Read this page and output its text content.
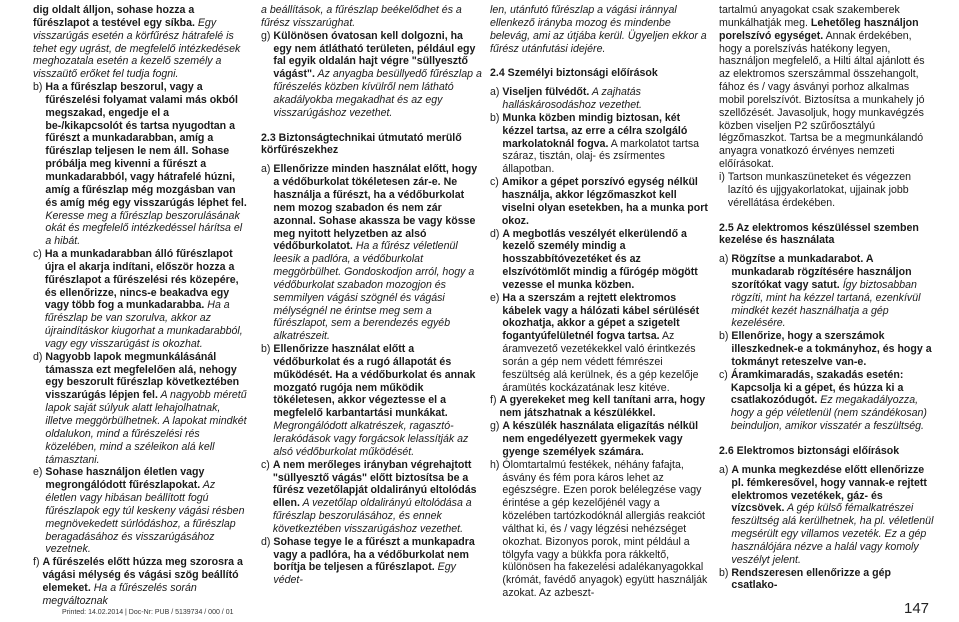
dig oldalt álljon, sohase hozza a fűrészlapot a testével egy síkba. Egy visszarúgás esetén a körfűrész hátrafelé is tehet egy ugrást, de megfelelő intézkedések meghozatala esetén a kezelő személy a visszaütő erőket fel tudja fogni.

b) Ha a fűrészlap beszorul, vagy a fűrészelési folyamat valami más okból megszakad, engedje el a be-/kikapcsolót és tartsa nyugodtan a fűrészt a munkadarabban, amíg a fűrészlap teljesen le nem áll. Sohase próbálja meg kivenni a fűrészt a munkadarabból, vagy hátrafelé húzni, amíg a fűrészlap még mozgásban van és amíg még egy visszarúgás léphet fel. Keresse meg a fűrészlap beszorulásának okát és megfelelő intézkedéssel hárítsa el a hibát.
c) Ha a munkadarabban álló fűrészlapot újra el akarja indítani, először hozza a fűrészlapot a fűrészelési rés közepére, és ellenőrizze, nincs-e beakadva egy vagy több fog a munkadarabba. Ha a fűrészlap be van szorulva, akkor az újraindításkor kiugorhat a munkadarabból, vagy egy visszarúgást is okozhat.
d) Nagyobb lapok megmunkálásánál támassza ezt megfelelően alá, nehogy egy beszorult fűrészlap következtében visszarúgás lépjen fel. A nagyobb méretű lapok saját súlyuk alatt lehajolhatnak, illetve meggörbülhetnek. A lapokat mindkét oldalukon, mind a fűrészelési rés közelében, mind a széleikon alá kell támasztani.
e) Sohase használjon életlen vagy megrongálódott fűrészlapokat. Az életlen vagy hibásan beállított fogú fűrészlapok egy túl keskeny vágási résben megnövekedett súrlódáshoz, a fűrészlap beragadásához és visszarúgásához vezetnek.
f) A fűrészelés előtt húzza meg szorosra a vágási mélység és vágási szög beállító elemeket. Ha a fűrészelés során megváltoznak

a beállítások, a fűrészlap beékelődhet és a fűrész visszarúghat.

g) Különösen óvatosan kell dolgozni, ha egy nem átlátható területen, például egy fal egyik oldalán hajt végre "süllyesztő vágást". Az anyagba besüllyedő fűrészlap a fűrészelés közben kívülről nem látható akadályokba megakadhat és az egy visszarúgáshoz vezethet.

2.3 Biztonságtechnikai útmutató merülő körfűrészekhez

a) Ellenőrizze minden használat előtt, hogy a védőburkolat tökéletesen zár-e. Ne használja a fűrészt, ha a védőburkolat nem mozog szabadon és nem zár azonnal. Sohase akassza be vagy kösse meg nyitott helyzetben az alsó védőburkolatot. Ha a fűrész véletlenül leesik a padlóra, a védőburkolat meggörbülhet. Gondoskodjon arról, hogy a védőburkolat szabadon mozogjon és semmilyen vágási szögnél és vágási mélységnél ne érintse meg sem a fűrészlapot, sem a berendezés egyéb alkatrészeit.
b) Ellenőrizze használat előtt a védőburkolat és a rugó állapotát és működését. Ha a védőburkolat és annak mozgató rugója nem működik tökéletesen, akkor végeztesse el a megfelelő karbantartási munkákat. Megrongálódott alkatrészek, ragasztó-lerakódások vagy forgácsok lelassítják az alsó védőburkolat működését.
c) A nem merőleges irányban végrehajtott "süllyesztő vágás" előtt biztosítsa be a fűrész vezetőlapját oldalirányú eltolódás ellen. A vezetőlap oldalirányú eltolódása a fűrészlap beszorulásához, és ennek következtében visszarúgáshoz vezethet.
d) Sohase tegye le a fűrészt a munkapadra vagy a padlóra, ha a védőburkolat nem borítja be teljesen a fűrészlapot. Egy védet-

len, utánfutó fűrészlap a vágási iránnyal ellenkező irányba mozog és mindenbe belevág, ami az útjába kerül. Ügyeljen ekkor a fűrész utánfutási idejére.

2.4 Személyi biztonsági előírások

a) Viseljen fülvédőt. A zajhatás halláskárosodáshoz vezethet.
b) Munka közben mindig biztosan, két kézzel tartsa, az erre a célra szolgáló markolatoknál fogva. A markolatot tartsa száraz, tisztán, olaj- és zsírmentes állapotban.
c) Amikor a gépet porszívó egység nélkül használja, akkor légzőmaszkot kell viselni olyan esetekben, ha a munka port okoz.
d) A megbotlás veszélyét elkerülendő a kezelő személy mindig a hosszabbítóvezetéket és az elszívótömlőt mindig a fűrógép mögött vezesse el munka közben.
e) Ha a szerszám a rejtett elektromos kábelek vagy a hálózati kábel sérülését okozhatja, akkor a gépet a szigetelt fogantyúfelületnél fogva tartsa. Az áramvezető vezetékekkel való érintkezés során a gép nem védett fémrészei feszültség alá kerülnek, és a gép kezelője áramütés kockázatának lesz kitéve.
f) A gyerekeket meg kell tanítani arra, hogy nem játszhatnak a készülékkel.
g) A készülék használata eligazítás nélkül nem engedélyezett gyermekek vagy gyenge személyek számára.
h) Ólomtartalmú festékek, néhány fafajta, ásvány és fém pora káros lehet az egészségre. Ezen porok belélegzése vagy érintése a gép kezelőjénél vagy a közelében tartózkodóknál allergiás reakciót válthat ki, és / vagy légzési nehézséget okozhat. Bizonyos porok, mint például a tölgyfa vagy a bükkfa pora rákkeltő, különösen ha fakezelési adalékanyagokkal (krómát, favédő anyagok) együtt használják azokat. Az azbeszt-

tartalmú anyagokat csak szakemberek munkálhatják meg. Lehetőleg használjon porelszívó egységet. Annak érdekében, hogy a porelszívás hatékony legyen, használjon megfelelő, a Hilti által ajánlott és az elektromos szerszámmal összehangolt, fához és / vagy ásványi porhoz alkalmas mobil porelszívót. Biztosítsa a munkahely jó szellőzését. Javasoljuk, hogy munkavégzés közben viseljen P2 szűrőosztályú légzőmaszkot. Tartsa be a megmunkálandó anyagra vonatkozó érvényes nemzeti előírásokat.

i) Tartson munkaszüneteket és végezzen lazító és ujjgyakorlatokat, ujjainak jobb vérellátása érdekében.

2.5 Az elektromos készüléssel szemben kezelése és használata

a) Rögzítse a munkadarabot. A munkadarab rögzítésére használjon szorítókat vagy satut. Így biztosabban rögzíti, mint ha kézzel tartaná, ezenkívül mindkét kezét használhatja a gép kezelésére.
b) Ellenőrize, hogy a szerszámok illeszkednek-e a tokmányhoz, és hogy a tokmányt reteszelve van-e.
c) Áramkimaradás, szakadás esetén: Kapcsolja ki a gépet, és húzza ki a csatlakozódugót. Ez megakadályozza, hogy a gép véletlenül (nem szándékosan) beinduljon, amikor visszatér a feszültség.

2.6 Elektromos biztonsági előírások

a) A munka megkezdése előtt ellenőrizze pl. fémkeresővel, hogy vannak-e rejtett elektromos vezetékek, gáz- és vízcsövek. A gép külső fémalkatrészei feszültség alá kerülhetnek, ha pl. véletlenül megsérült egy villamos vezeték. Ez a gép használójára nézve a halál vagy komoly veszélyt jelent.
b) Rendszeresen ellenőrizze a gép csatlako-
Printed: 14.02.2014 | Doc-Nr: PUB / 5139734 / 000 / 01	147
